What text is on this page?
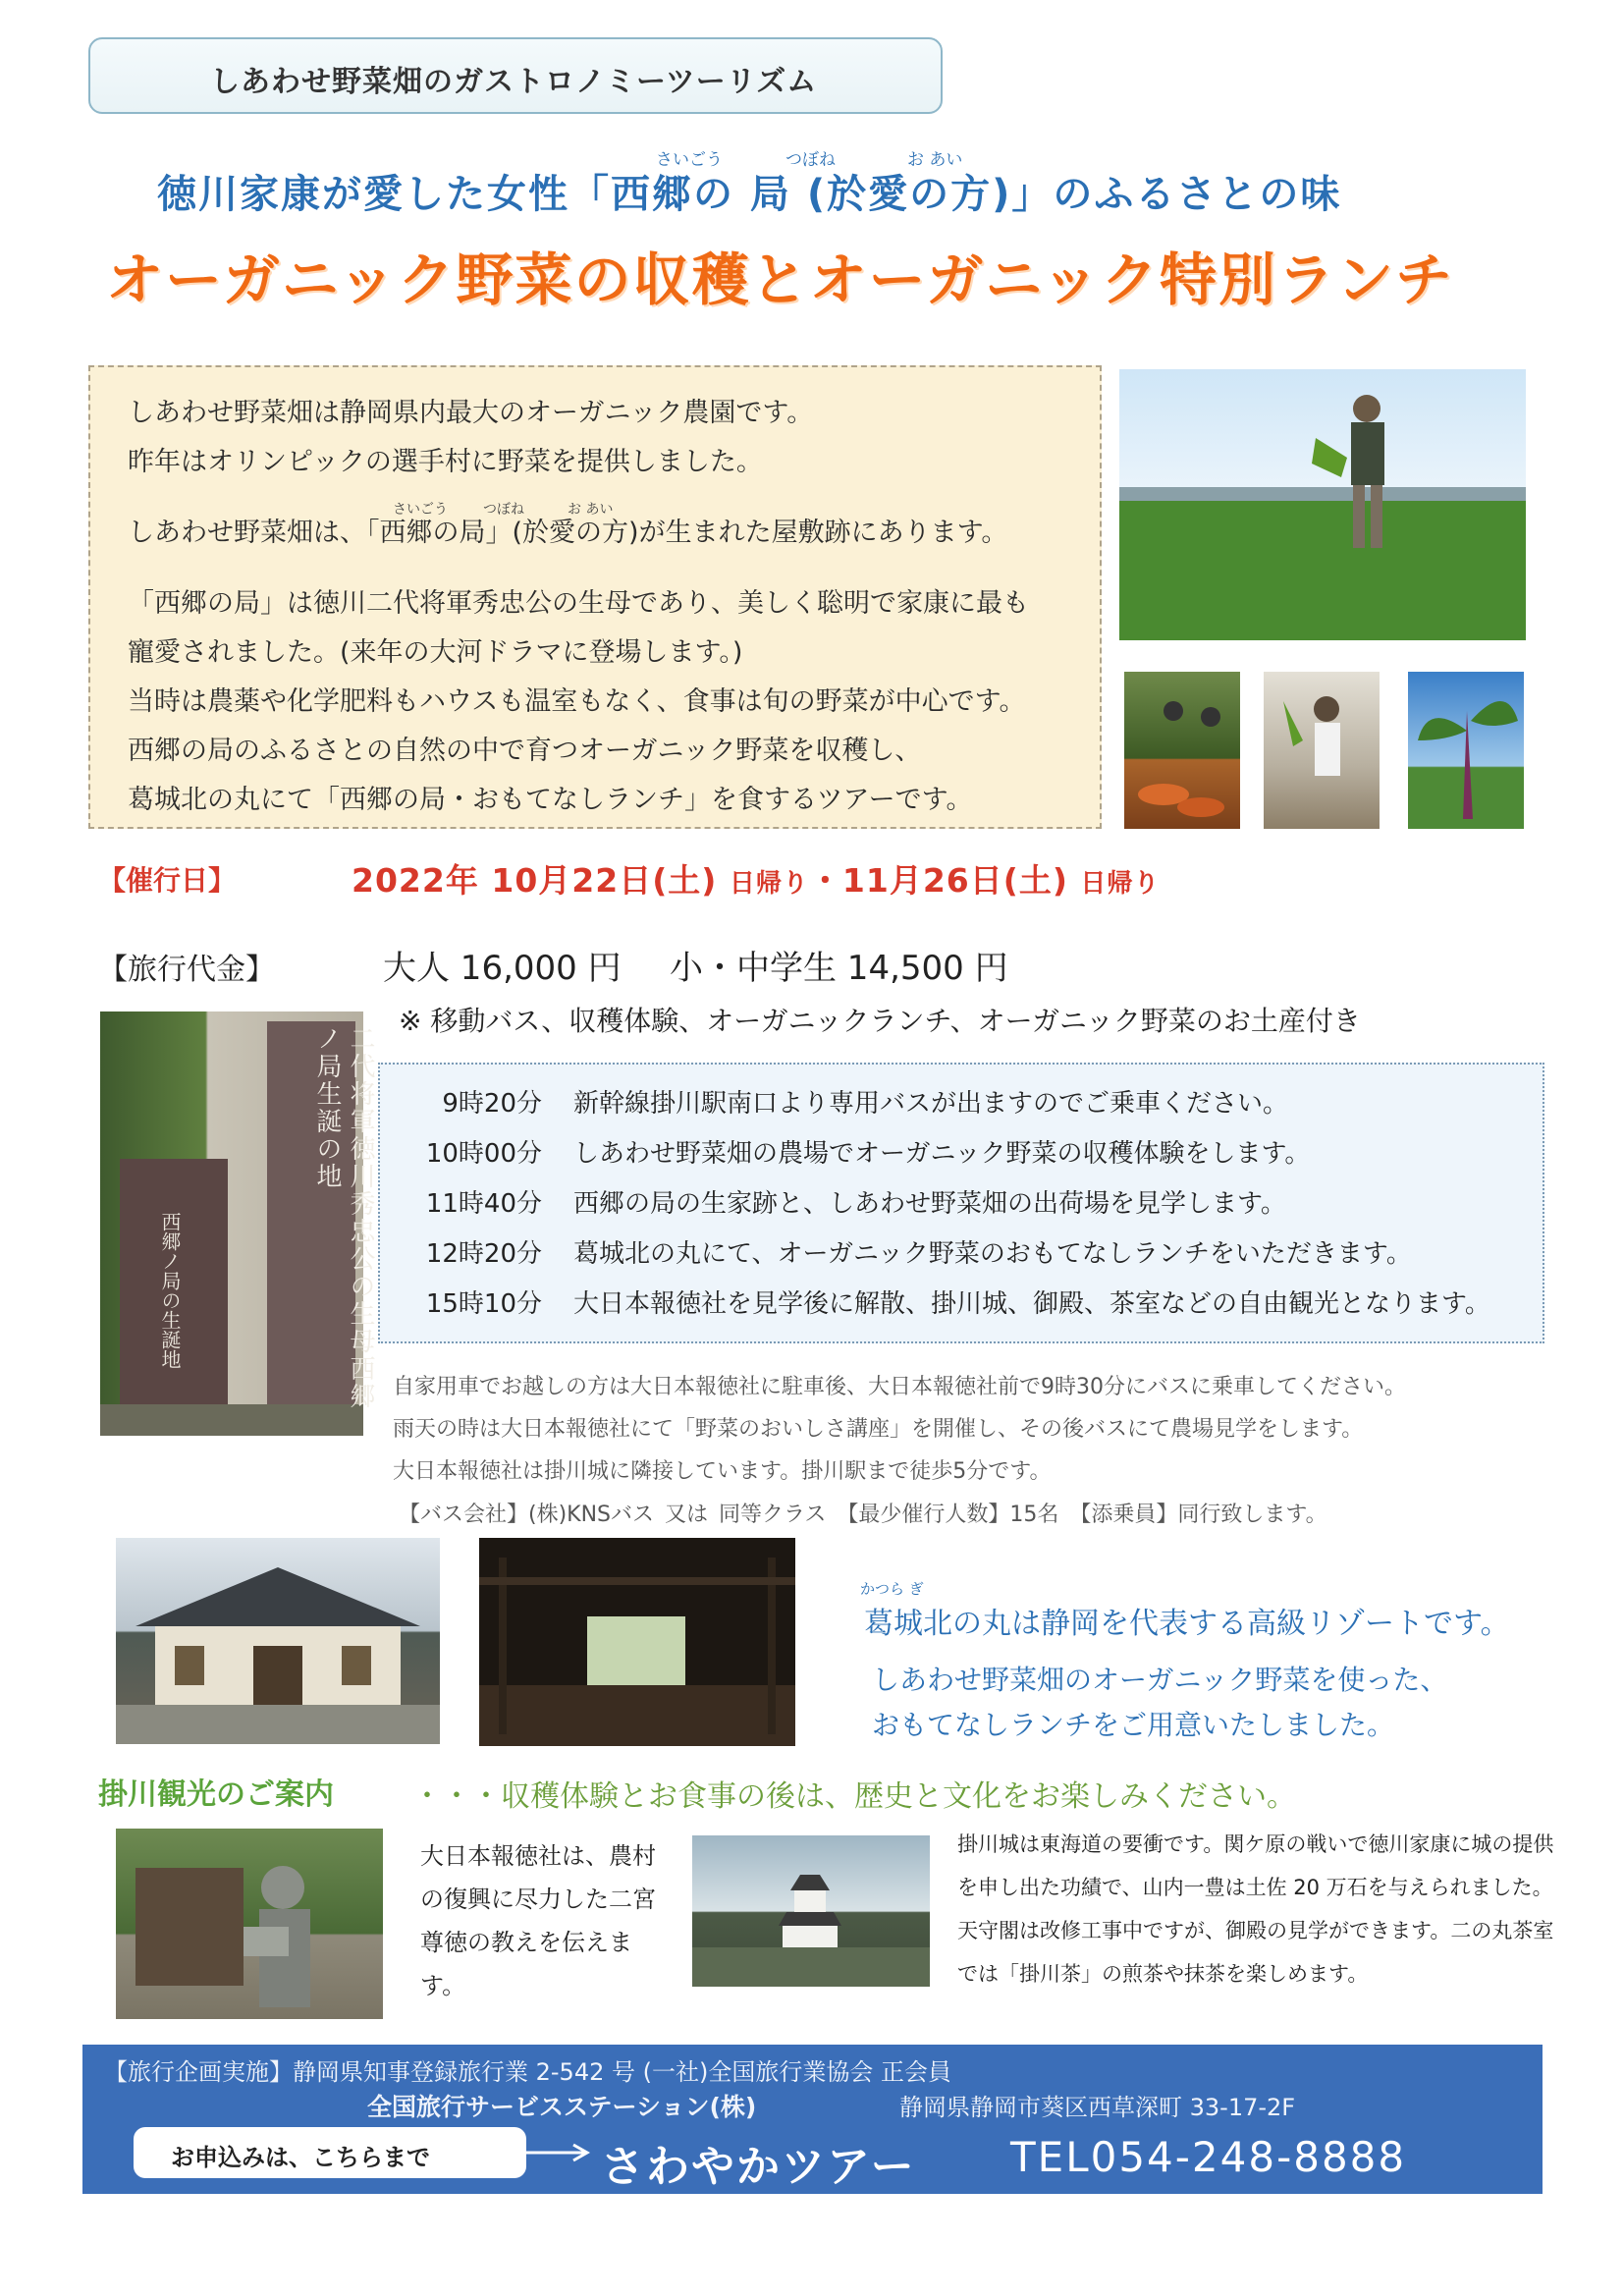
しあわせ野菜畑のガストロノミーツーリズム
さいごう	つぼね	お あい
徳川家康が愛した女性「西郷の 局 (於愛の方)」のふるさとの味
オーガニック野菜の収穫とオーガニック特別ランチ

しあわせ野菜畑は静岡県内最大のオーガニック農園です。

昨年はオリンピックの選手村に野菜を提供しました。

しあわせ野菜畑は、「西郷の局」(於愛の方)が生まれた屋敷跡にあります。

「西郷の局」は徳川二代将軍秀忠公の生母であり、美しく聡明で家康に最も

寵愛されました。(来年の大河ドラマに登場します。)

当時は農薬や化学肥料もハウスも温室もなく、食事は旬の野菜が中心です。

西郷の局のふるさとの自然の中で育つオーガニック野菜を収穫し、

葛城北の丸にて「西郷の局・おもてなしランチ」を食するツアーです。

さいごう	つぼね	お あい
【催行日】	2022年 10月22日(土) 日帰り・11月26日(土) 日帰り
【旅行代金】	大人 16,000 円 小・中学生 14,500 円
※ 移動バス、収穫体験、オーガニックランチ、オーガニック野菜のお土産付き
二代将軍徳川秀忠公の生母西郷ノ局生誕の地
西郷ノ局の生誕地
9時20分	新幹線掛川駅南口より専用バスが出ますのでご乗車ください。
10時00分	しあわせ野菜畑の農場でオーガニック野菜の収穫体験をします。
11時40分	西郷の局の生家跡と、しあわせ野菜畑の出荷場を見学します。
12時20分	葛城北の丸にて、オーガニック野菜のおもてなしランチをいただきます。
15時10分	大日本報徳社を見学後に解散、掛川城、御殿、茶室などの自由観光となります。
自家用車でお越しの方は大日本報徳社に駐車後、大日本報徳社前で9時30分にバスに乗車してください。
雨天の時は大日本報徳社にて「野菜のおいしさ講座」を開催し、その後バスにて農場見学をします。
大日本報徳社は掛川城に隣接しています。掛川駅まで徒歩5分です。
【バス会社】(株)KNSバス 又は 同等クラス 【最少催行人数】15名 【添乗員】同行致します。
かつら ぎ
葛城北の丸は静岡を代表する高級リゾートです。
しあわせ野菜畑のオーガニック野菜を使った、
おもてなしランチをご用意いたしました。
掛川観光のご案内	・・・収穫体験とお食事の後は、歴史と文化をお楽しみください。
大日本報徳社は、農村の復興に尽力した二宮尊徳の教えを伝えます。
掛川城は東海道の要衝です。関ケ原の戦いで徳川家康に城の提供を申し出た功績で、山内一豊は土佐 20 万石を与えられました。天守閣は改修工事中ですが、御殿の見学ができます。二の丸茶室では「掛川茶」の煎茶や抹茶を楽しめます。
【旅行企画実施】静岡県知事登録旅行業 2-542 号 (一社)全国旅行業協会 正会員
全国旅行サービスステーション(株)	静岡県静岡市葵区西草深町 33-17-2F
お申込みは、こちらまで	さわやかツアー TEL054-248-8888
